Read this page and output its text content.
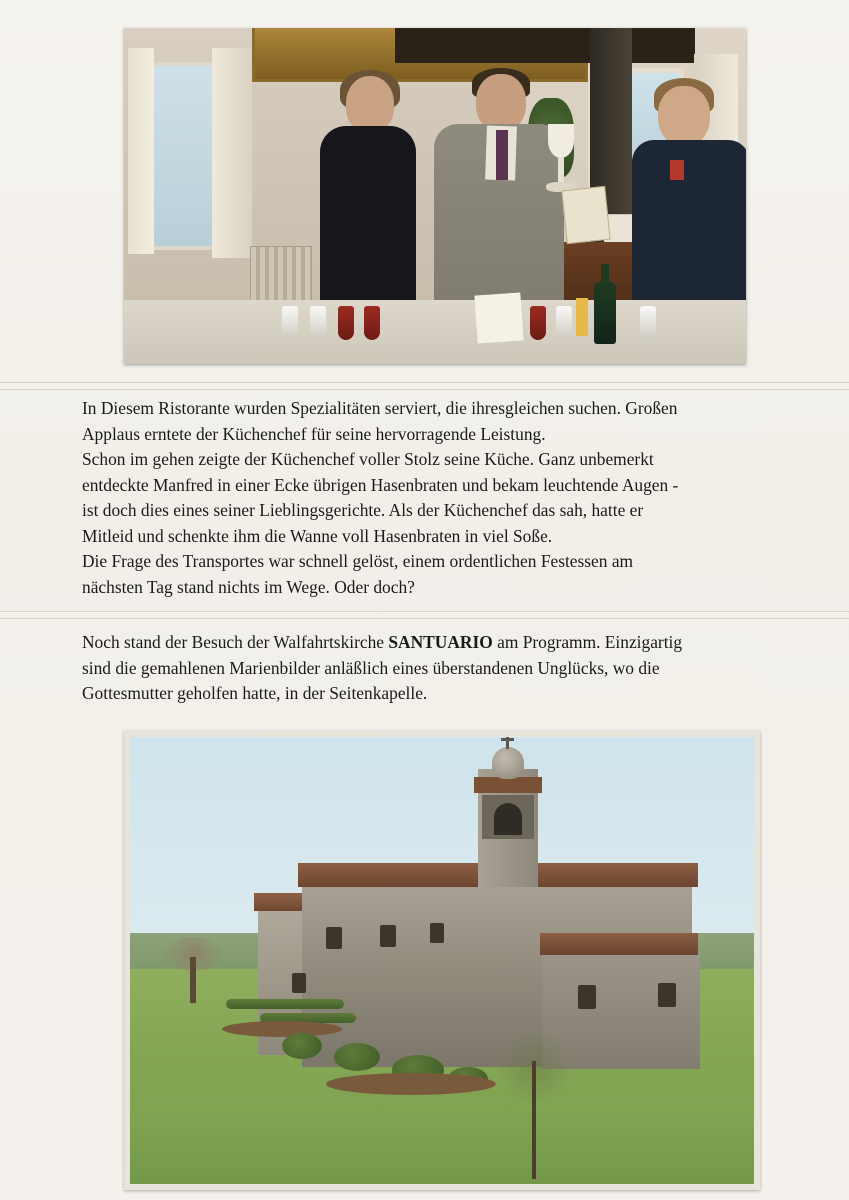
In Diesem Ristorante wurden Spezialitäten serviert, die ihresgleichen suchen. Großen

Applaus erntete der Küchenchef für seine hervorragende Leistung.

Schon im gehen zeigte der Küchenchef voller Stolz seine Küche. Ganz unbemerkt

entdeckte Manfred in einer Ecke übrigen Hasenbraten und bekam leuchtende Augen -

ist doch dies eines seiner Lieblingsgerichte. Als der Küchenchef das sah, hatte er

Mitleid und schenkte ihm die Wanne voll Hasenbraten in viel Soße.

Die Frage des Transportes war schnell gelöst, einem ordentlichen Festessen am

nächsten Tag stand nichts im Wege. Oder doch?

Noch stand der Besuch der Walfahrtskirche SANTUARIO am Programm. Einzigartig

sind die gemahlenen Marienbilder anläßlich eines überstandenen Unglücks, wo die

Gottesmutter geholfen hatte, in der Seitenkapelle.
